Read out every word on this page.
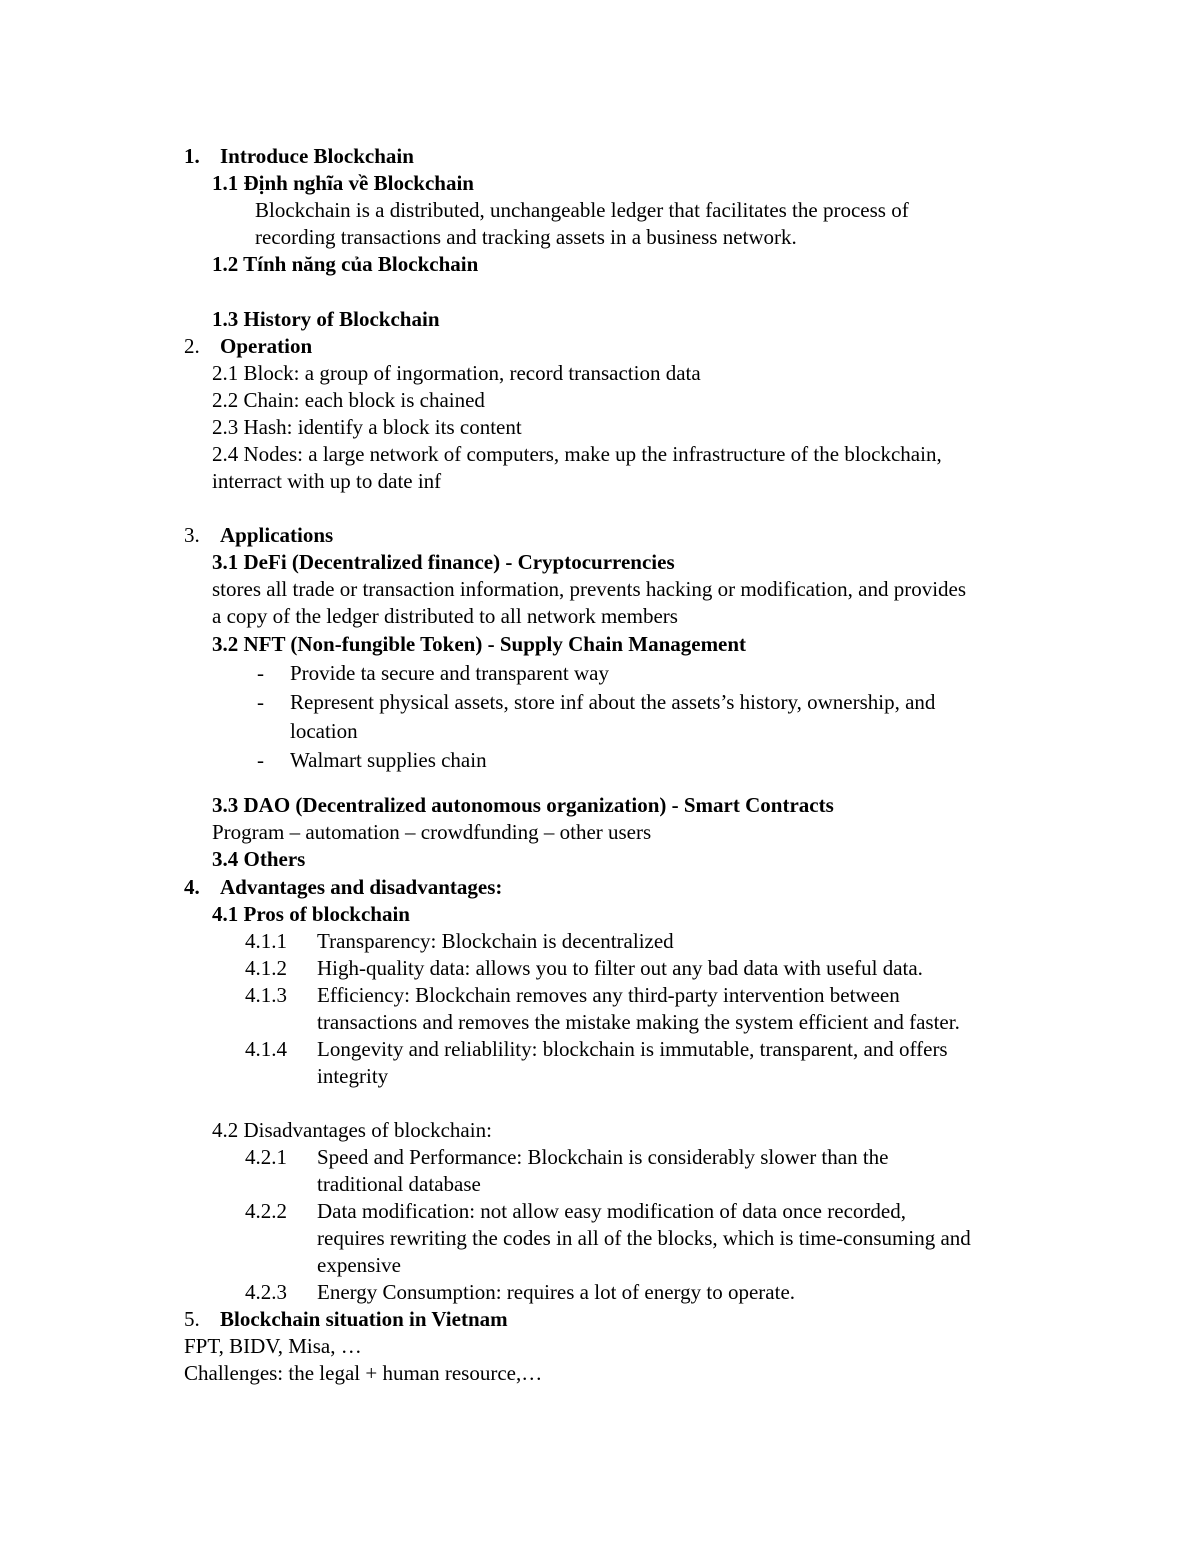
1. Introduce Blockchain
1.1 Định nghĩa về Blockchain
Blockchain is a distributed, unchangeable ledger that facilitates the process of
recording transactions and tracking assets in a business network.
1.2 Tính năng của Blockchain
1.3 History of Blockchain
2. Operation
2.1 Block: a group of ingormation, record transaction data
2.2 Chain: each block is chained
2.3 Hash: identify a block its content
2.4 Nodes: a large network of computers, make up the infrastructure of the blockchain,
interract with up to date inf
3. Applications
3.1 DeFi (Decentralized finance) - Cryptocurrencies
stores all trade or transaction information, prevents hacking or modification, and provides
a copy of the ledger distributed to all network members
3.2 NFT (Non-fungible Token) - Supply Chain Management
- Provide ta secure and transparent way
- Represent physical assets, store inf about the assets’s history, ownership, and
location
- Walmart supplies chain
3.3 DAO (Decentralized autonomous organization) - Smart Contracts
Program – automation – crowdfunding – other users
3.4 Others
4. Advantages and disadvantages:
4.1 Pros of blockchain
4.1.1 Transparency: Blockchain is decentralized
4.1.2 High-quality data: allows you to filter out any bad data with useful data.
4.1.3 Efficiency: Blockchain removes any third-party intervention between
transactions and removes the mistake making the system efficient and faster.
4.1.4 Longevity and reliablility: blockchain is immutable, transparent, and offers
integrity
4.2 Disadvantages of blockchain:
4.2.1 Speed and Performance: Blockchain is considerably slower than the
traditional database
4.2.2 Data modification: not allow easy modification of data once recorded,
requires rewriting the codes in all of the blocks, which is time-consuming and
expensive
4.2.3 Energy Consumption: requires a lot of energy to operate.
5. Blockchain situation in Vietnam
FPT, BIDV, Misa, …
Challenges: the legal + human resource,…
